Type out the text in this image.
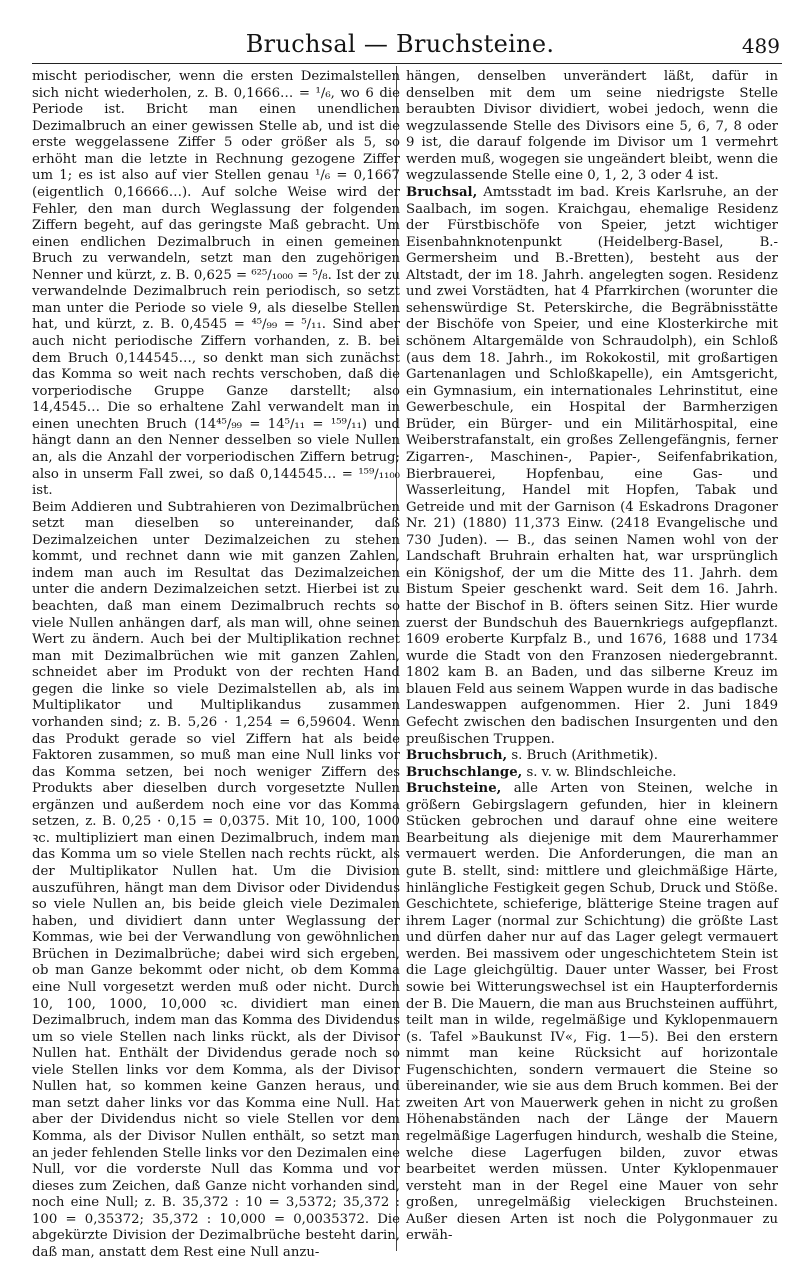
Bruchsal — Bruchsteine.	489

mischt periodischer, wenn die ersten Dezimalstellen sich nicht wiederholen, z. B. 0,1666… = ¹/₆, wo 6 die Periode ist. Bricht man einen unendlichen Dezimalbruch an einer gewissen Stelle ab, und ist die erste weggelassene Ziffer 5 oder größer als 5, so erhöht man die letzte in Rechnung gezogene Ziffer um 1; es ist also auf vier Stellen genau ¹/₆ = 0,1667 (eigentlich 0,16666…). Auf solche Weise wird der Fehler, den man durch Weglassung der folgenden Ziffern begeht, auf das geringste Maß gebracht. Um einen endlichen Dezimalbruch in einen gemeinen Bruch zu verwandeln, setzt man den zugehörigen Nenner und kürzt, z. B. 0,625 = ⁶²⁵/₁₀₀₀ = ⁵/₈. Ist der zu verwandelnde Dezimalbruch rein periodisch, so setzt man unter die Periode so viele 9, als dieselbe Stellen hat, und kürzt, z. B. 0,4545 = ⁴⁵/₉₉ = ⁵/₁₁. Sind aber auch nicht periodische Ziffern vorhanden, z. B. bei dem Bruch 0,144545…, so denkt man sich zunächst das Komma so weit nach rechts verschoben, daß die vorperiodische Gruppe Ganze darstellt; also 14,4545… Die so erhaltene Zahl verwandelt man in einen unechten Bruch (14⁴⁵/₉₉ = 14⁵/₁₁ = ¹⁵⁹/₁₁) und hängt dann an den Nenner desselben so viele Nullen an, als die Anzahl der vorperiodischen Ziffern betrug; also in unserm Fall zwei, so daß 0,144545… = ¹⁵⁹/₁₁₀₀ ist.

Beim Addieren und Subtrahieren von Dezimalbrüchen setzt man dieselben so untereinander, daß Dezimalzeichen unter Dezimalzeichen zu stehen kommt, und rechnet dann wie mit ganzen Zahlen, indem man auch im Resultat das Dezimalzeichen unter die andern Dezimalzeichen setzt. Hierbei ist zu beachten, daß man einem Dezimalbruch rechts so viele Nullen anhängen darf, als man will, ohne seinen Wert zu ändern. Auch bei der Multiplikation rechnet man mit Dezimalbrüchen wie mit ganzen Zahlen, schneidet aber im Produkt von der rechten Hand gegen die linke so viele Dezimalstellen ab, als im Multiplikator und Multiplikandus zusammen vorhanden sind; z. B. 5,26 · 1,254 = 6,59604. Wenn das Produkt gerade so viel Ziffern hat als beide Faktoren zusammen, so muß man eine Null links vor das Komma setzen, bei noch weniger Ziffern des Produkts aber dieselben durch vorgesetzte Nullen ergänzen und außerdem noch eine vor das Komma setzen, z. B. 0,25 · 0,15 = 0,0375. Mit 10, 100, 1000 ꝛc. multipliziert man einen Dezimalbruch, indem man das Komma um so viele Stellen nach rechts rückt, als der Multiplikator Nullen hat. Um die Division auszuführen, hängt man dem Divisor oder Dividendus so viele Nullen an, bis beide gleich viele Dezimalen haben, und dividiert dann unter Weglassung der Kommas, wie bei der Verwandlung von gewöhnlichen Brüchen in Dezimalbrüche; dabei wird sich ergeben, ob man Ganze bekommt oder nicht, ob dem Komma eine Null vorgesetzt werden muß oder nicht. Durch 10, 100, 1000, 10,000 ꝛc. dividiert man einen Dezimalbruch, indem man das Komma des Dividendus um so viele Stellen nach links rückt, als der Divisor Nullen hat. Enthält der Dividendus gerade noch so viele Stellen links vor dem Komma, als der Divisor Nullen hat, so kommen keine Ganzen heraus, und man setzt daher links vor das Komma eine Null. Hat aber der Dividendus nicht so viele Stellen vor dem Komma, als der Divisor Nullen enthält, so setzt man an jeder fehlenden Stelle links vor den Dezimalen eine Null, vor die vorderste Null das Komma und vor dieses zum Zeichen, daß Ganze nicht vorhanden sind, noch eine Null; z. B. 35,372 : 10 = 3,5372; 35,372 : 100 = 0,35372; 35,372 : 10,000 = 0,0035372. Die abgekürzte Division der Dezimalbrüche besteht darin, daß man, anstatt dem Rest eine Null anzu-

hängen, denselben unverändert läßt, dafür in denselben mit dem um seine niedrigste Stelle beraubten Divisor dividiert, wobei jedoch, wenn die wegzulassende Stelle des Divisors eine 5, 6, 7, 8 oder 9 ist, die darauf folgende im Divisor um 1 vermehrt werden muß, wogegen sie ungeändert bleibt, wenn die wegzulassende Stelle eine 0, 1, 2, 3 oder 4 ist.

Bruchsal, Amtsstadt im bad. Kreis Karlsruhe, an der Saalbach, im sogen. Kraichgau, ehemalige Residenz der Fürstbischöfe von Speier, jetzt wichtiger Eisenbahnknotenpunkt (Heidelberg-Basel, B.-Germersheim und B.-Bretten), besteht aus der Altstadt, der im 18. Jahrh. angelegten sogen. Residenz und zwei Vorstädten, hat 4 Pfarrkirchen (worunter die sehenswürdige St. Peterskirche, die Begräbnisstätte der Bischöfe von Speier, und eine Klosterkirche mit schönem Altargemälde von Schraudolph), ein Schloß (aus dem 18. Jahrh., im Rokokostil, mit großartigen Gartenanlagen und Schloßkapelle), ein Amtsgericht, ein Gymnasium, ein internationales Lehrinstitut, eine Gewerbeschule, ein Hospital der Barmherzigen Brüder, ein Bürger- und ein Militärhospital, eine Weiberstrafanstalt, ein großes Zellengefängnis, ferner Zigarren-, Maschinen-, Papier-, Seifenfabrikation, Bierbrauerei, Hopfenbau, eine Gas- und Wasserleitung, Handel mit Hopfen, Tabak und Getreide und mit der Garnison (4 Eskadrons Dragoner Nr. 21) (1880) 11,373 Einw. (2418 Evangelische und 730 Juden). — B., das seinen Namen wohl von der Landschaft Bruhrain erhalten hat, war ursprünglich ein Königshof, der um die Mitte des 11. Jahrh. dem Bistum Speier geschenkt ward. Seit dem 16. Jahrh. hatte der Bischof in B. öfters seinen Sitz. Hier wurde zuerst der Bundschuh des Bauernkriegs aufgepflanzt. 1609 eroberte Kurpfalz B., und 1676, 1688 und 1734 wurde die Stadt von den Franzosen niedergebrannt. 1802 kam B. an Baden, und das silberne Kreuz im blauen Feld aus seinem Wappen wurde in das badische Landeswappen aufgenommen. Hier 2. Juni 1849 Gefecht zwischen den badischen Insurgenten und den preußischen Truppen.

Bruchsbruch, s. Bruch (Arithmetik).

Bruchschlange, s. v. w. Blindschleiche.

Bruchsteine, alle Arten von Steinen, welche in größern Gebirgslagern gefunden, hier in kleinern Stücken gebrochen und darauf ohne eine weitere Bearbeitung als diejenige mit dem Maurerhammer vermauert werden. Die Anforderungen, die man an gute B. stellt, sind: mittlere und gleichmäßige Härte, hinlängliche Festigkeit gegen Schub, Druck und Stöße. Geschichtete, schieferige, blätterige Steine tragen auf ihrem Lager (normal zur Schichtung) die größte Last und dürfen daher nur auf das Lager gelegt vermauert werden. Bei massivem oder ungeschichtetem Stein ist die Lage gleichgültig. Dauer unter Wasser, bei Frost sowie bei Witterungswechsel ist ein Haupterfordernis der B. Die Mauern, die man aus Bruchsteinen aufführt, teilt man in wilde, regelmäßige und Kyklopenmauern (s. Tafel »Baukunst IV«, Fig. 1—5). Bei den erstern nimmt man keine Rücksicht auf horizontale Fugenschichten, sondern vermauert die Steine so übereinander, wie sie aus dem Bruch kommen. Bei der zweiten Art von Mauerwerk gehen in nicht zu großen Höhenabständen nach der Länge der Mauern regelmäßige Lagerfugen hindurch, weshalb die Steine, welche diese Lagerfugen bilden, zuvor etwas bearbeitet werden müssen. Unter Kyklopenmauer versteht man in der Regel eine Mauer von sehr großen, unregelmäßig vieleckigen Bruchsteinen. Außer diesen Arten ist noch die Polygonmauer zu erwäh-
